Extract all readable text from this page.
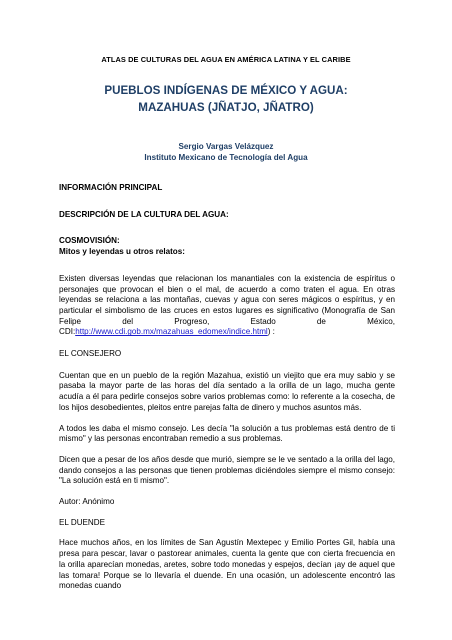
ATLAS DE CULTURAS DEL AGUA EN AMÉRICA LATINA Y EL CARIBE
PUEBLOS INDÍGENAS DE MÉXICO Y AGUA:
MAZAHUAS (JÑATJO, JÑATRO)
Sergio Vargas Velázquez
Instituto Mexicano de Tecnología del Agua

INFORMACIÓN PRINCIPAL

DESCRIPCIÓN DE LA CULTURA DEL AGUA:

COSMOVISIÓN:

Mitos y leyendas u otros relatos:

Existen diversas leyendas que relacionan los manantiales con la existencia de espíritus o personajes que provocan el bien o el mal, de acuerdo a como traten el agua. En otras leyendas se relaciona a las montañas, cuevas y agua con seres mágicos o espíritus, y en particular el simbolismo de las cruces en estos lugares es significativo (Monografía de San Felipe del Progreso, Estado de México, CDI:http://www.cdi.gob.mx/mazahuas_edomex/indice.html) :

EL CONSEJERO

Cuentan que en un pueblo de la región Mazahua, existió un viejito que era muy sabio y se pasaba la mayor parte de las horas del día sentado a la orilla de un lago, mucha gente acudía a él para pedirle consejos sobre varios problemas como: lo referente a la cosecha, de los hijos desobedientes, pleitos entre parejas falta de dinero y muchos asuntos más.

A todos les daba el mismo consejo. Les decía "la solución a tus problemas está dentro de ti mismo" y las personas encontraban remedio a sus problemas.

Dicen que a pesar de los años desde que murió, siempre se le ve sentado a la orilla del lago, dando consejos a las personas que tienen problemas diciéndoles siempre el mismo consejo: "La solución está en ti mismo".

Autor: Anónimo

EL DUENDE

Hace muchos años, en los límites de San Agustín Mextepec y Emilio Portes Gil, había una presa para pescar, lavar o pastorear animales, cuenta la gente que con cierta frecuencia en la orilla aparecían monedas, aretes, sobre todo monedas y espejos, decían ¡ay de aquel que las tomara! Porque se lo llevaría el duende. En una ocasión, un adolescente encontró las monedas cuando
